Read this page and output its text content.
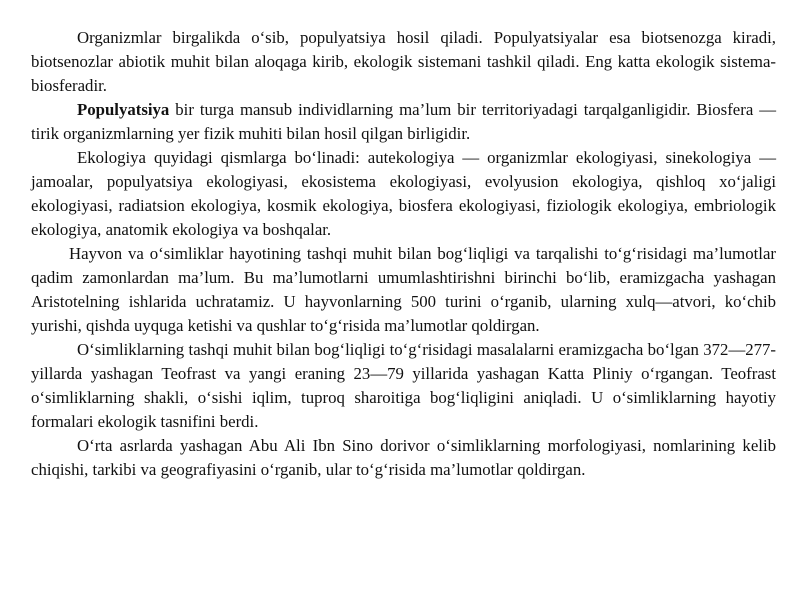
Organizmlar birgalikda o‘sib, populyatsiya hosil qiladi. Populyatsiyalar esa biotsenozga kiradi, biotsenozlar abiotik muhit bilan aloqaga kirib, ekologik sistemani tashkil qiladi. Eng katta ekologik sistema- biosferadir.

Populyatsiya bir turga mansub individlarning ma’lum bir territoriyadagi tarqalganligidir. Biosfera — tirik organizmlarning yer fizik muhiti bilan hosil qilgan birligidir.

Ekologiya quyidagi qismlarga bo‘linadi: autekologiya — organizmlar ekologiyasi, sinekologiya —jamoalar, populyatsiya ekologiyasi, ekosistema ekologiyasi, evolyusion ekologiya, qishloq xo‘jaligi ekologiyasi, radiatsion ekologiya, kosmik ekologiya, biosfera ekologiyasi, fiziologik ekologiya, embriologik ekologiya, anatomik ekologiya va boshqalar.

Hayvon va o‘simliklar hayotining tashqi muhit bilan bog‘liqligi va tarqalishi to‘g‘risidagi ma’lumotlar qadim zamonlardan ma’lum. Bu ma’lumotlarni umumlashtirishni birinchi bo‘lib, eramizgacha yashagan Aristotelning ishlarida uchratamiz. U hayvonlarning 500 turini o‘rganib, ularning xulq—atvori, ko‘chib yurishi, qishda uyquga ketishi va qushlar to‘g‘risida ma’lumotlar qoldirgan.

O‘simliklarning tashqi muhit bilan bog‘liqligi to‘g‘risidagi masalalarni eramizgacha bo‘lgan 372—277-yillarda yashagan Teofrast va yangi eraning 23—79 yillarida yashagan Katta Pliniy o‘rgangan. Teofrast o‘simliklarning shakli, o‘sishi iqlim, tuproq sharoitiga bog‘liqligini aniqladi. U o‘simliklarning hayotiy formalari ekologik tasnifini berdi.

O‘rta asrlarda yashagan Abu Ali Ibn Sino dorivor o‘simliklarning morfologiyasi, nomlarining kelib chiqishi, tarkibi va geografiyasini o‘rganib, ular to‘g‘risida ma’lumotlar qoldirgan.
